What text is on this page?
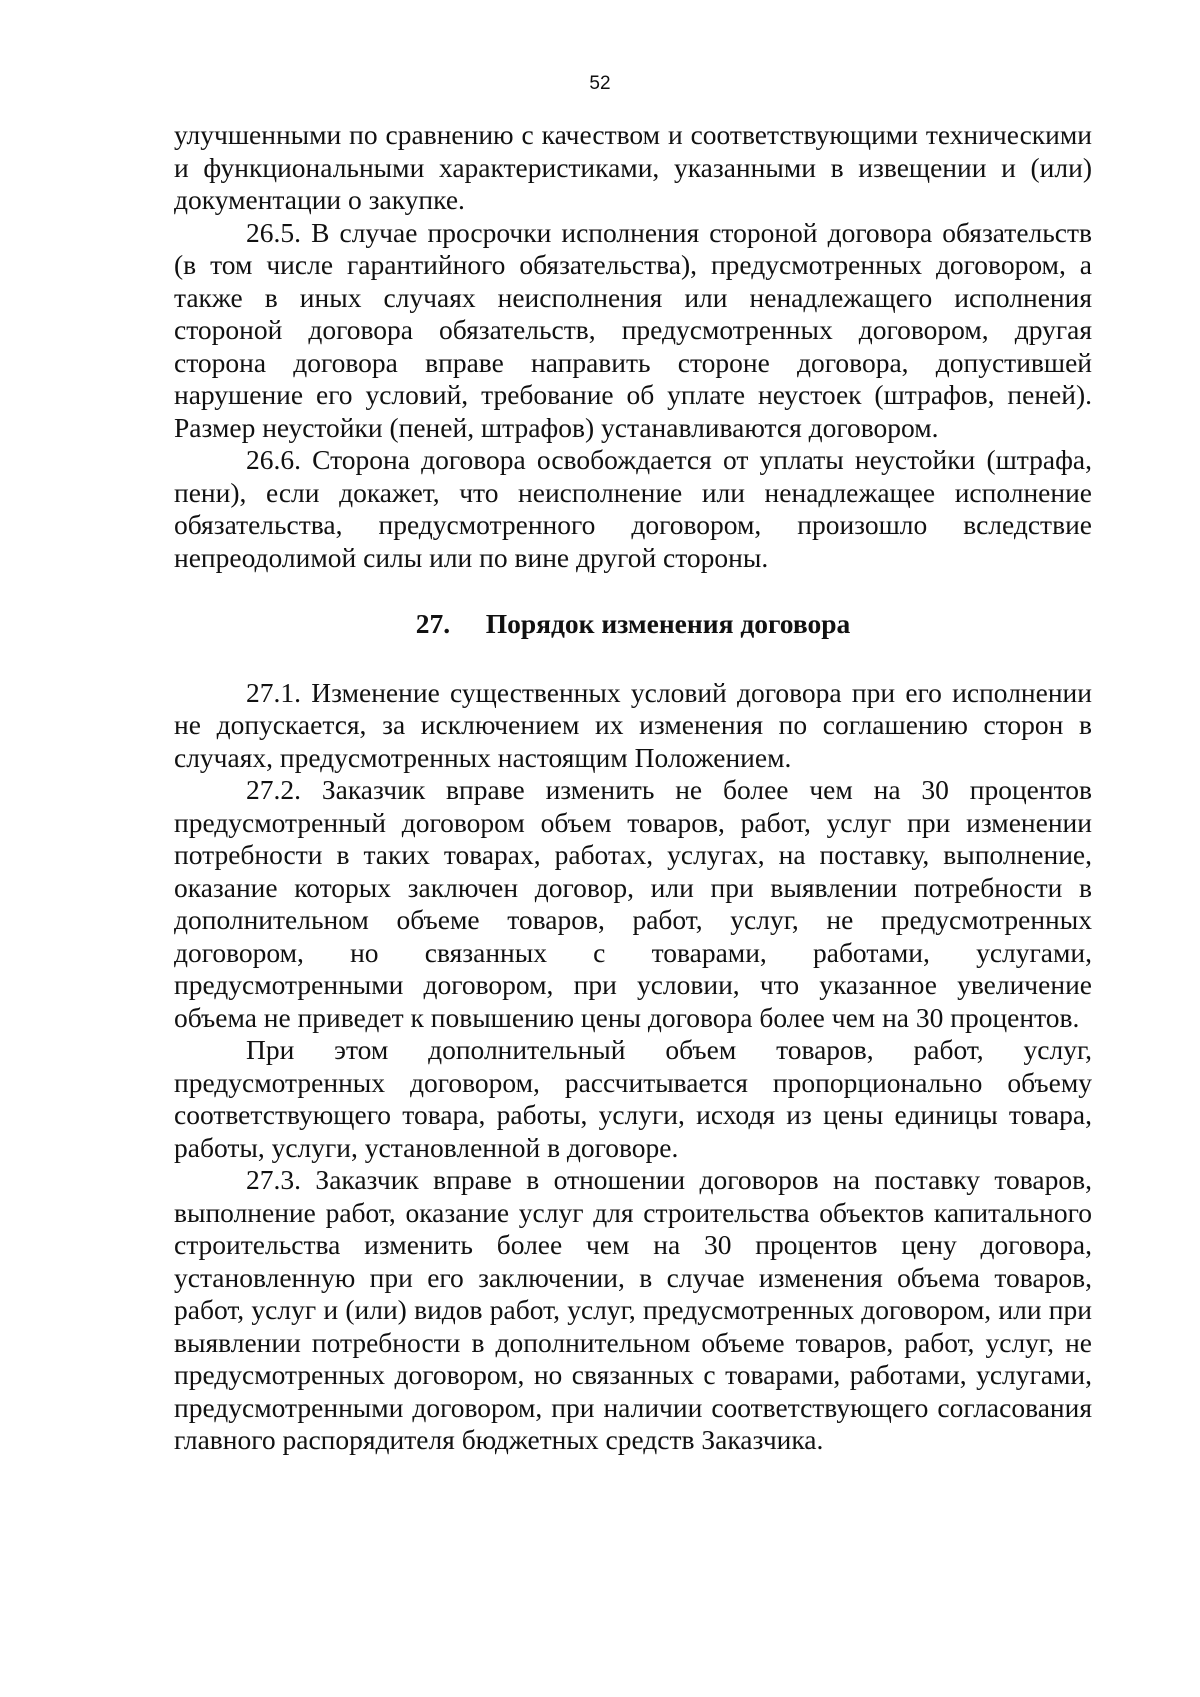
52

улучшенными по сравнению с качеством и соответствующими техническими и функциональными характеристиками, указанными в извещении и (или) документации о закупке.

26.5. В случае просрочки исполнения стороной договора обязательств (в том числе гарантийного обязательства), предусмотренных договором, а также в иных случаях неисполнения или ненадлежащего исполнения стороной договора обязательств, предусмотренных договором, другая сторона договора вправе направить стороне договора, допустившей нарушение его условий, требование об уплате неустоек (штрафов, пеней). Размер неустойки (пеней, штрафов) устанавливаются договором.

26.6. Сторона договора освобождается от уплаты неустойки (штрафа, пени), если докажет, что неисполнение или ненадлежащее исполнение обязательства, предусмотренного договором, произошло вследствие непреодолимой силы или по вине другой стороны.

27. Порядок изменения договора

27.1. Изменение существенных условий договора при его исполнении не допускается, за исключением их изменения по соглашению сторон в случаях, предусмотренных настоящим Положением.

27.2. Заказчик вправе изменить не более чем на 30 процентов предусмотренный договором объем товаров, работ, услуг при изменении потребности в таких товарах, работах, услугах, на поставку, выполнение, оказание которых заключен договор, или при выявлении потребности в дополнительном объеме товаров, работ, услуг, не предусмотренных договором, но связанных с товарами, работами, услугами, предусмотренными договором, при условии, что указанное увеличение объема не приведет к повышению цены договора более чем на 30 процентов.

При этом дополнительный объем товаров, работ, услуг, предусмотренных договором, рассчитывается пропорционально объему соответствующего товара, работы, услуги, исходя из цены единицы товара, работы, услуги, установленной в договоре.

27.3. Заказчик вправе в отношении договоров на поставку товаров, выполнение работ, оказание услуг для строительства объектов капитального строительства изменить более чем на 30 процентов цену договора, установленную при его заключении, в случае изменения объема товаров, работ, услуг и (или) видов работ, услуг, предусмотренных договором, или при выявлении потребности в дополнительном объеме товаров, работ, услуг, не предусмотренных договором, но связанных с товарами, работами, услугами, предусмотренными договором, при наличии соответствующего согласования главного распорядителя бюджетных средств Заказчика.
